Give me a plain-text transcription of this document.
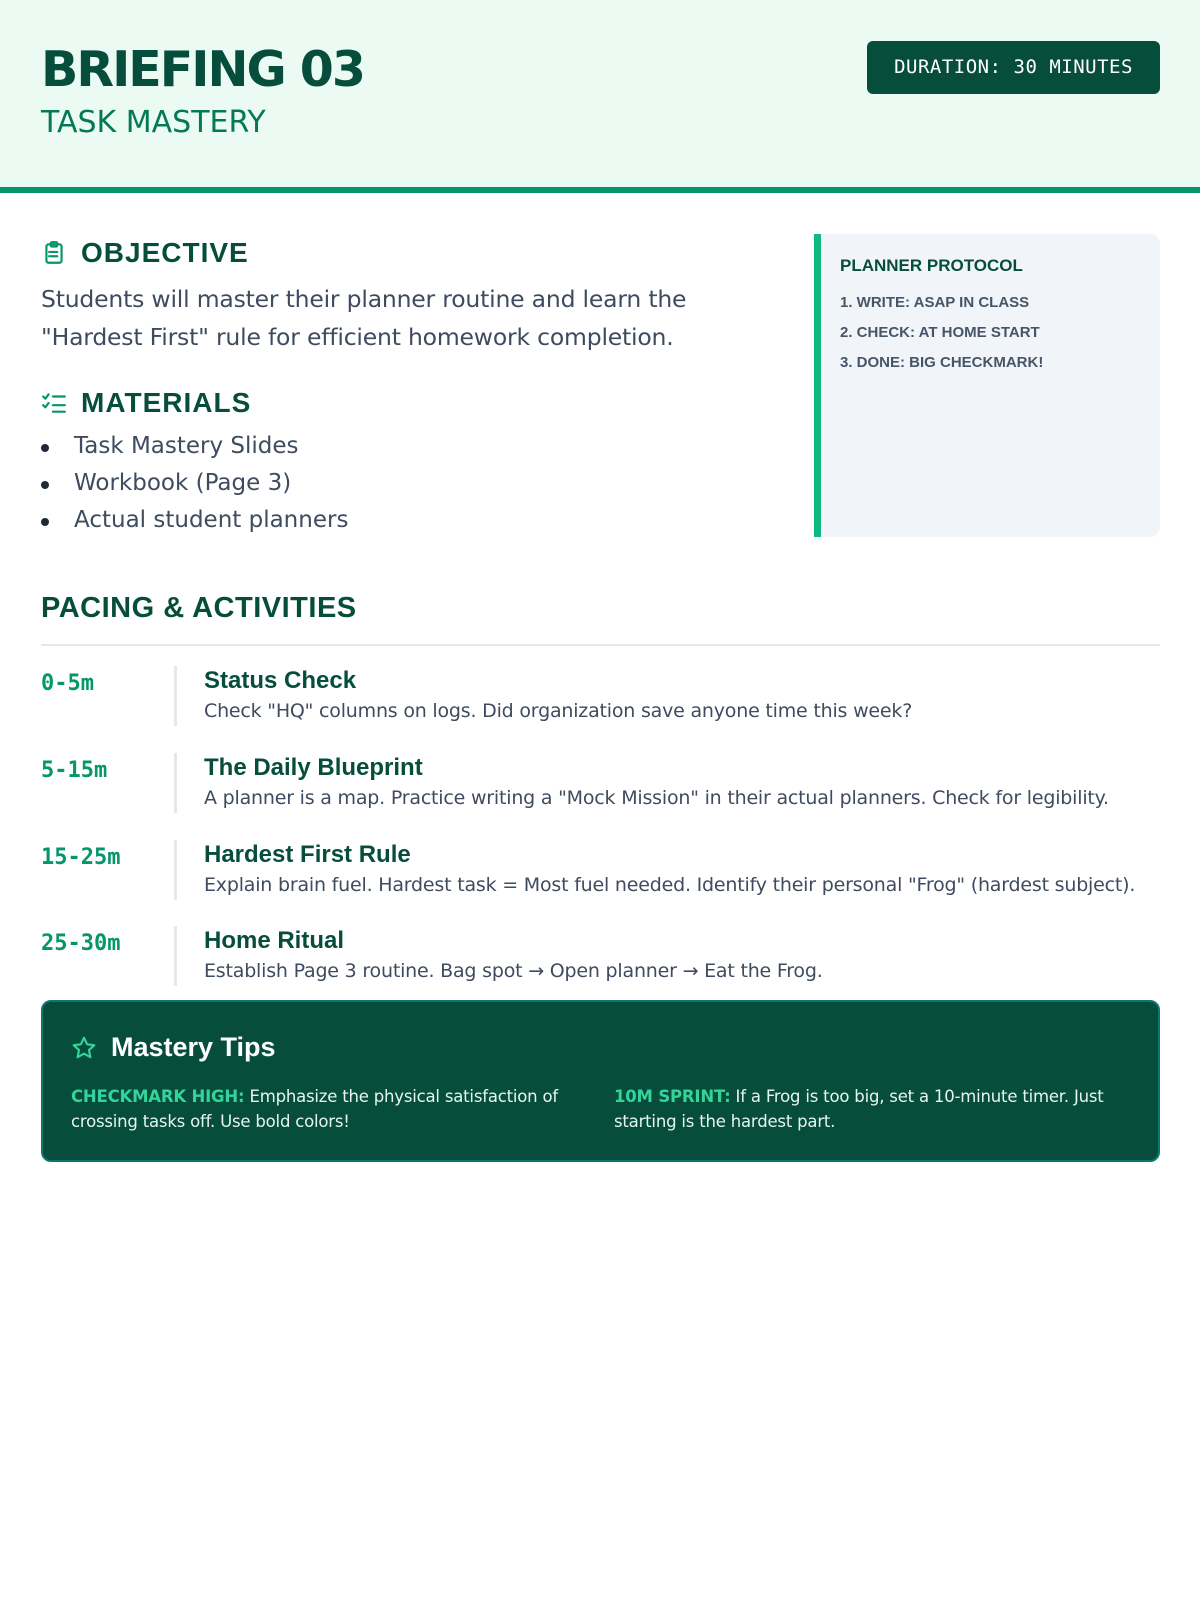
BRIEFING 03
TASK MASTERY
DURATION: 30 MINUTES
OBJECTIVE
Students will master their planner routine and learn the "Hardest First" rule for efficient homework completion.
MATERIALS
Task Mastery Slides
Workbook (Page 3)
Actual student planners
PLANNER PROTOCOL
1. WRITE: ASAP IN CLASS
2. CHECK: AT HOME START
3. DONE: BIG CHECKMARK!
PACING & ACTIVITIES
0-5m	Status Check
Check "HQ" columns on logs. Did organization save anyone time this week?
5-15m	The Daily Blueprint
A planner is a map. Practice writing a "Mock Mission" in their actual planners. Check for legibility.
15-25m	Hardest First Rule
Explain brain fuel. Hardest task = Most fuel needed. Identify their personal "Frog" (hardest subject).
25-30m	Home Ritual
Establish Page 3 routine. Bag spot → Open planner → Eat the Frog.
Mastery Tips
CHECKMARK HIGH: Emphasize the physical satisfaction of crossing tasks off. Use bold colors!
10M SPRINT: If a Frog is too big, set a 10-minute timer. Just starting is the hardest part.
